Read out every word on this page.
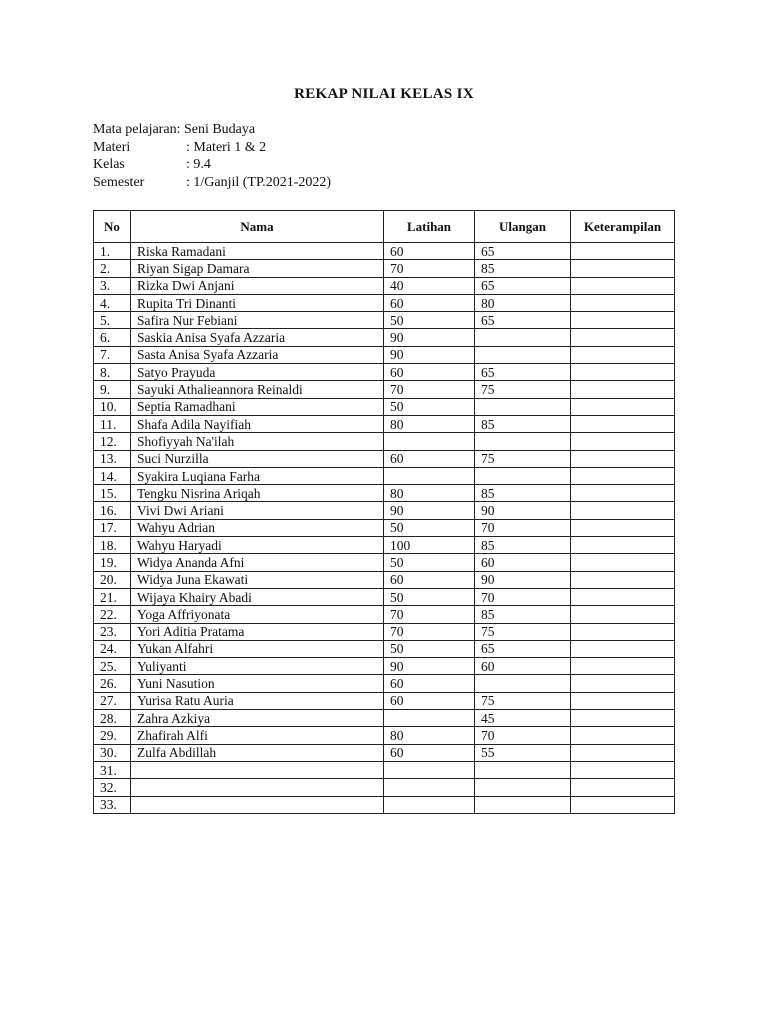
REKAP NILAI KELAS IX
Mata pelajaran:
Seni Budaya
Materi	: Materi 1 & 2
Kelas	: 9.4
Semester	: 1/Ganjil (TP.2021-2022)
No	Nama	Latihan	Ulangan	Keterampilan
1.	Riska Ramadani	60	65	
2.	Riyan Sigap Damara	70	85	
3.	Rizka Dwi Anjani	40	65	
4.	Rupita Tri Dinanti	60	80	
5.	Safira Nur Febiani	50	65	
6.	Saskia Anisa Syafa Azzaria	90		
7.	Sasta Anisa Syafa Azzaria	90		
8.	Satyo Prayuda	60	65	
9.	Sayuki Athalieannora Reinaldi	70	75	
10.	Septia Ramadhani	50		
11.	Shafa Adila Nayifiah	80	85	
12.	Shofiyyah Na'ilah			
13.	Suci Nurzilla	60	75	
14.	Syakira Luqiana Farha			
15.	Tengku Nisrina Ariqah	80	85	
16.	Vivi Dwi Ariani	90	90	
17.	Wahyu Adrian	50	70	
18.	Wahyu Haryadi	100	85	
19.	Widya Ananda Afni	50	60	
20.	Widya Juna Ekawati	60	90	
21.	Wijaya Khairy Abadi	50	70	
22.	Yoga Affriyonata	70	85	
23.	Yori Aditia Pratama	70	75	
24.	Yukan Alfahri	50	65	
25.	Yuliyanti	90	60	
26.	Yuni Nasution	60		
27.	Yurisa Ratu Auria	60	75	
28.	Zahra Azkiya		45	
29.	Zhafirah Alfi	80	70	
30.	Zulfa Abdillah	60	55	
31.				
32.				
33.				
